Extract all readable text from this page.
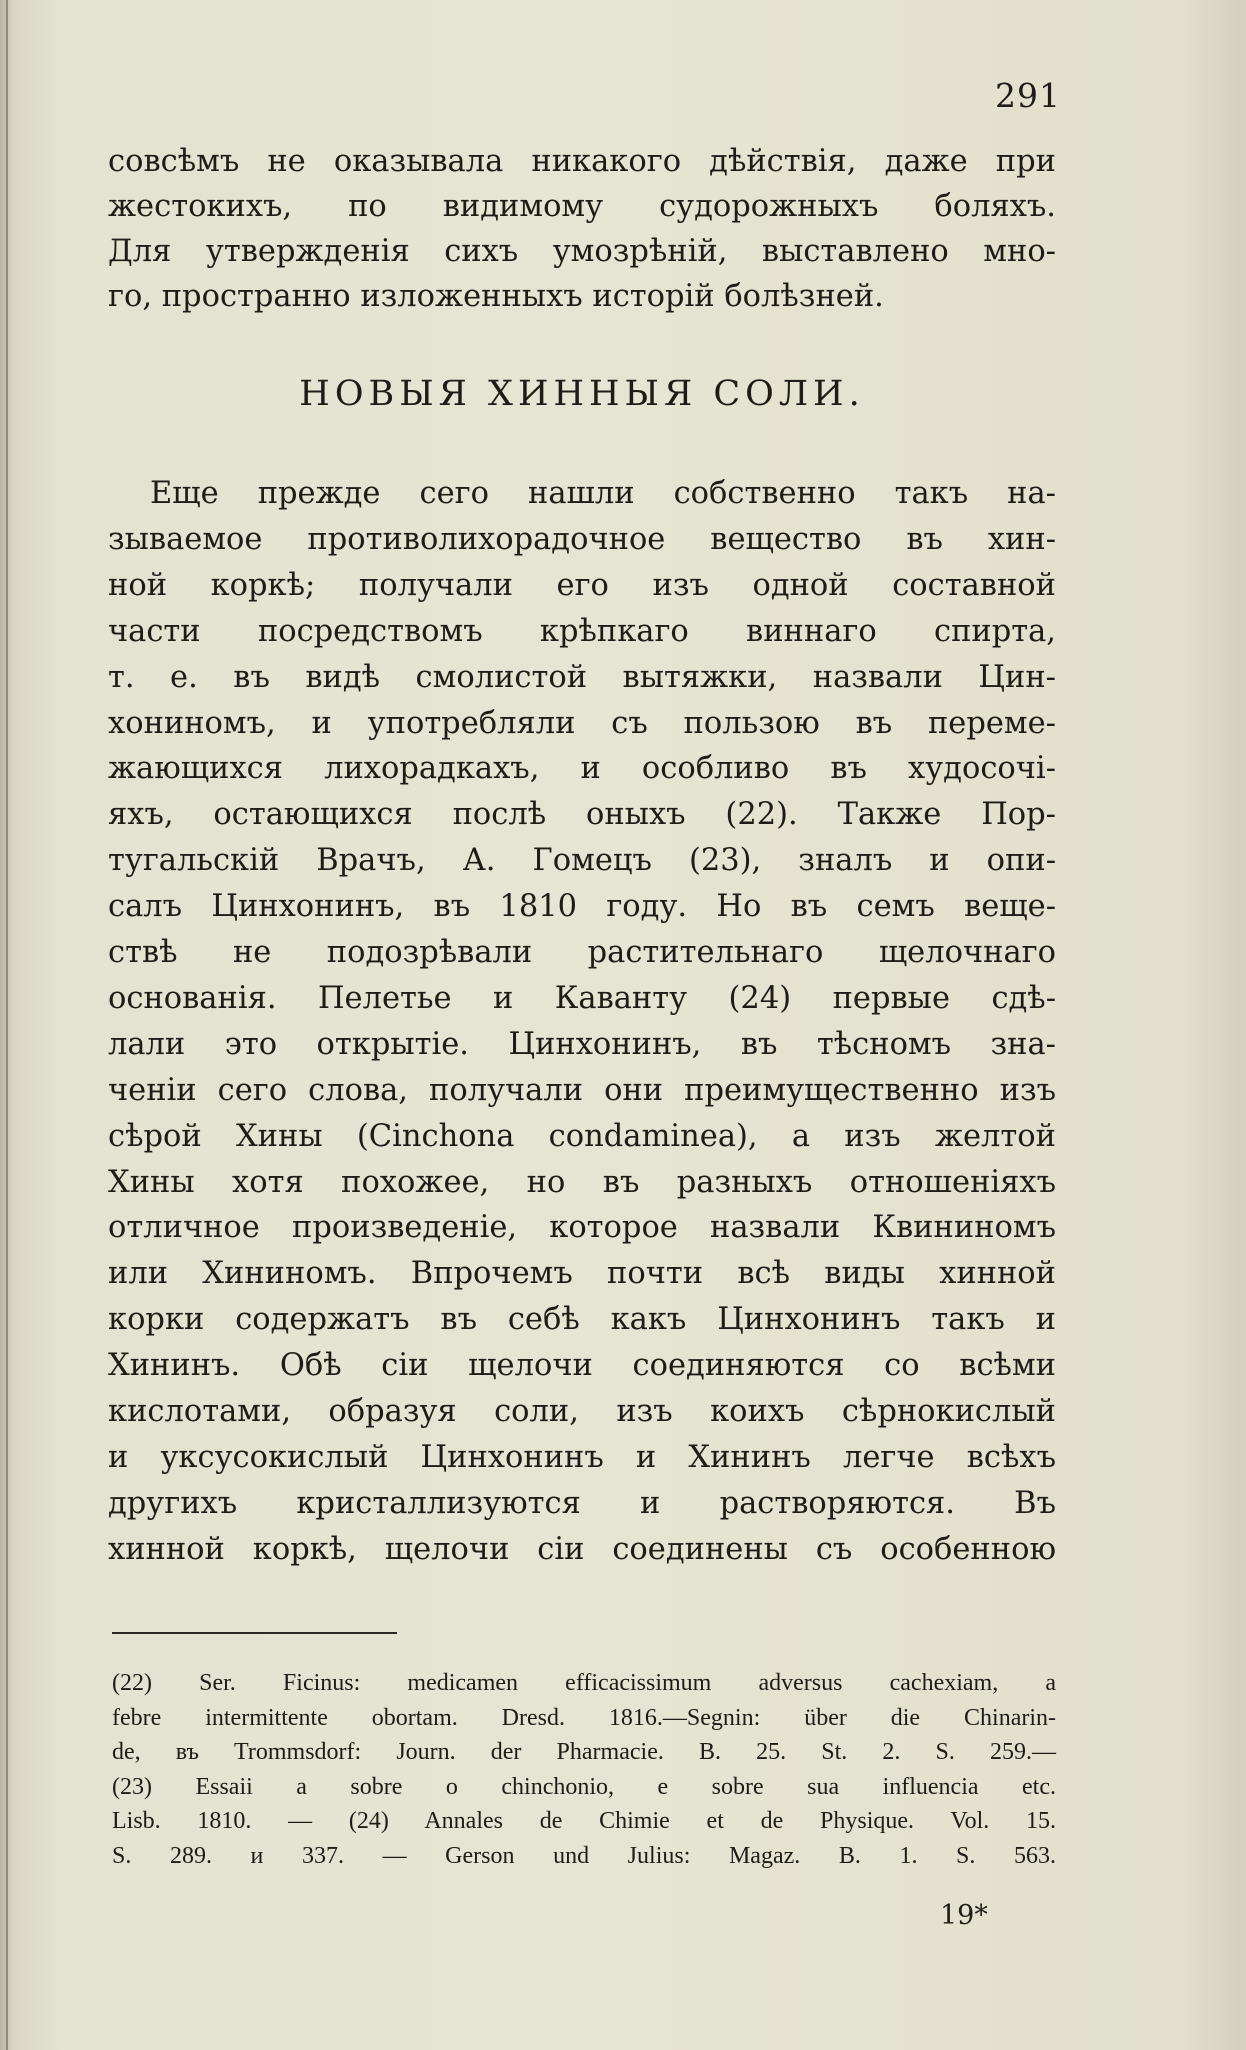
291
совсѣмъ не оказывала никакого дѣйствія, даже при
жестокихъ, по видимому судорожныхъ боляхъ.
Для утвержденія сихъ умозрѣній, выставлено мно-
го, пространно изложенныхъ исторій болѣзней.
НОВЫЯ ХИННЫЯ СОЛИ.
Еще прежде сего нашли собственно такъ на-
зываемое противолихорадочное вещество въ хин-
ной коркѣ; получали его изъ одной составной
части посредствомъ крѣпкаго виннаго спирта,
т. е. въ видѣ смолистой вытяжки, назвали Цин-
хониномъ, и употребляли съ пользою въ переме-
жающихся лихорадкахъ, и особливо въ худосочі-
яхъ, остающихся послѣ оныхъ (22). Также Пор-
тугальскій Врачъ, А. Гомецъ (23), зналъ и опи-
салъ Цинхонинъ, въ 1810 году. Но въ семъ веще-
ствѣ не подозрѣвали растительнаго щелочнаго
основанія. Пелетье и Каванту (24) первые сдѣ-
лали это открытіе. Цинхонинъ, въ тѣсномъ зна-
ченіи сего слова, получали они преимущественно изъ
сѣрой Хины (Cinchona condaminea), а изъ желтой
Хины хотя похожее, но въ разныхъ отношеніяхъ
отличное произведеніе, которое назвали Квининомъ
или Хининомъ. Впрочемъ почти всѣ виды хинной
корки содержатъ въ себѣ какъ Цинхонинъ такъ и
Хининъ. Обѣ сіи щелочи соединяются со всѣми
кислотами, образуя соли, изъ коихъ сѣрнокислый
и уксусокислый Цинхонинъ и Хининъ легче всѣхъ
другихъ кристаллизуются и растворяются. Въ
хинной коркѣ, щелочи сіи соединены съ особенною
(22) Ser. Ficinus: medicamen efficacissimum adversus cachexiam, a
febre intermittente obortam. Dresd. 1816.—Segnin: über die Chinarin-
de, въ Trommsdorf: Journ. der Pharmacie. B. 25. St. 2. S. 259.—
(23) Essaii a sobre o chinchonio, e sobre sua influencia etc.
Lisb. 1810. — (24) Annales de Chimie et de Physique. Vol. 15.
S. 289. и 337. — Gerson und Julius: Magaz. B. 1. S. 563.
19*
